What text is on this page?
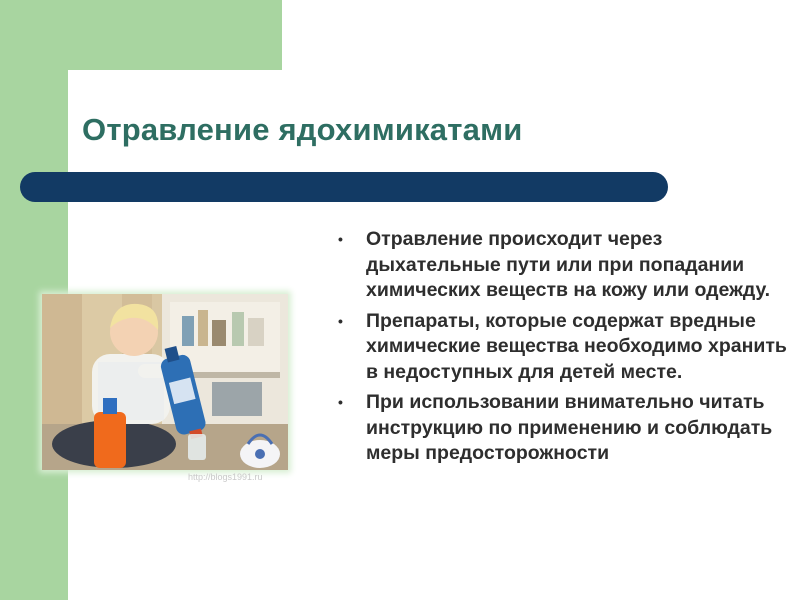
Отравление ядохимикатами
http://blogs1991.ru
• Отравление происходит через дыхательные пути или при попадании химических веществ на кожу или одежду.
• Препараты, которые содержат вредные химические вещества необходимо хранить в недоступных для детей месте.
• При использовании внимательно читать инструкцию по применению и соблюдать меры предосторожности
